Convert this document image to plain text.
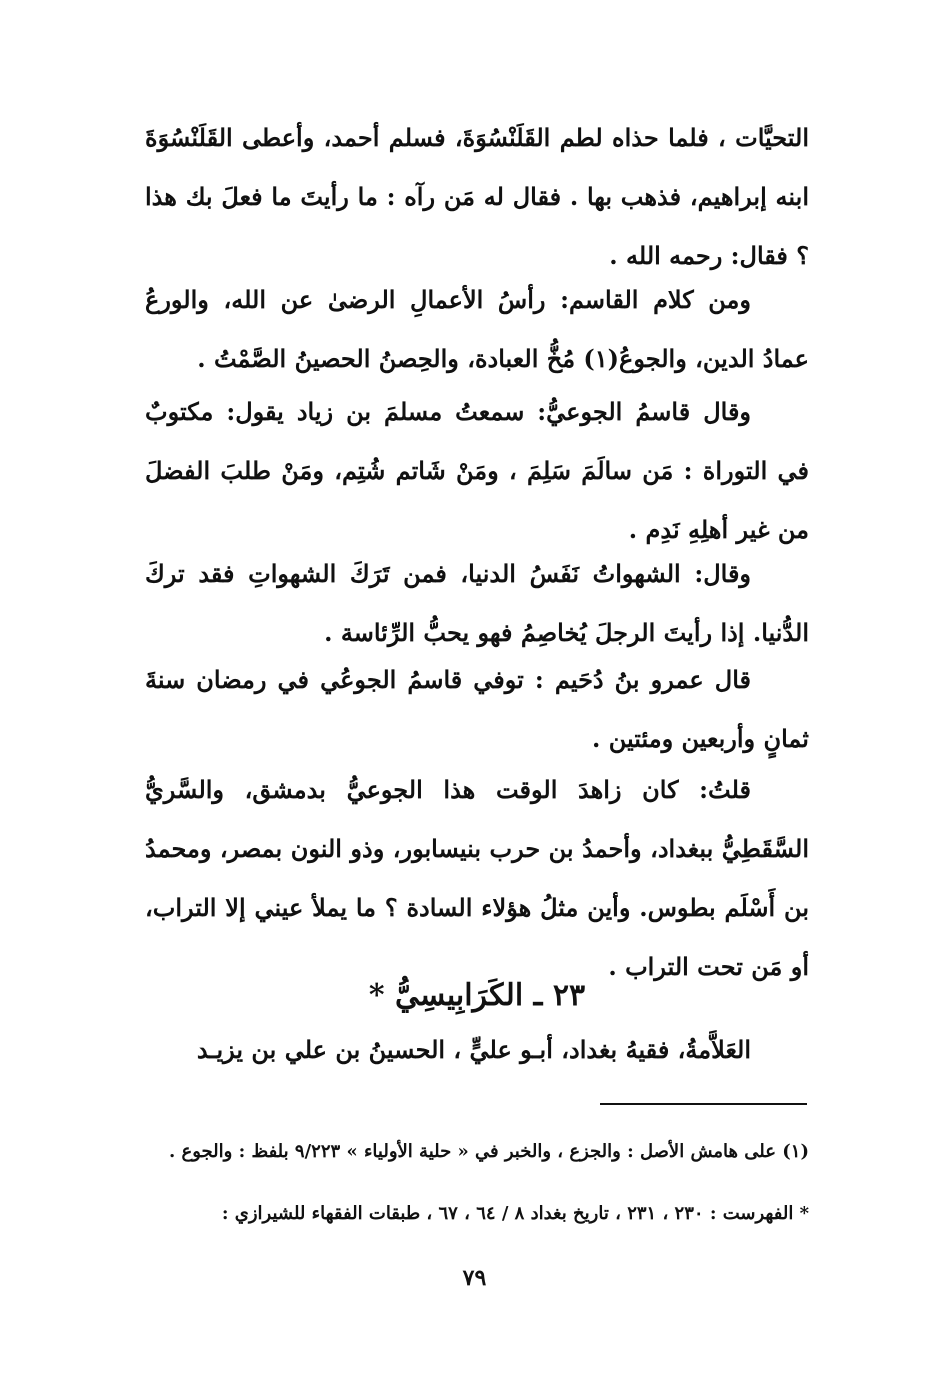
التحيَّات ، فلما حذاه لطم القَلَنْسُوَةَ، فسلم أحمد، وأعطى القَلَنْسُوَةَ ابنه إبراهيم، فذهب بها . فقال له مَن رآه : ما رأيتَ ما فعلَ بك هذا ؟ فقال: رحمه الله .
ومن كلام القاسم: رأسُ الأعمالِ الرضىٰ عن الله، والورعُ عمادُ الدين، والجوعُ(١) مُخُّ العبادة، والحِصنُ الحصينُ الصَّمْتُ .
وقال قاسمُ الجوعيُّ: سمعتُ مسلمَ بن زياد يقول: مكتوبٌ في التوراة : مَن سالَمَ سَلِمَ ، ومَنْ شَاتم شُتِم، ومَنْ طلبَ الفضلَ من غير أهلِهِ نَدِم .
وقال: الشهواتُ نَفَسُ الدنيا، فمن تَرَكَ الشهواتِ فقد تركَ الدُّنيا. إذا رأيتَ الرجلَ يُخاصِمُ فهو يحبُّ الرِّئاسة .
قال عمرو بنُ دُحَيم : توفي قاسمُ الجوعُي في رمضان سنةَ ثمانٍ وأربعين ومئتين .
قلتُ: كان زاهدَ الوقت هذا الجوعيُّ بدمشق، والسَّريُّ السَّقَطِيُّ ببغداد، وأحمدُ بن حرب بنيسابور، وذو النون بمصر، ومحمدُ بن أَسْلَم بطوس. وأين مثلُ هؤلاء السادة ؟ ما يملأ عيني إلا التراب، أو مَن تحت التراب .
٢٣ ـ الكَرَابِيسِيُّ *
العَلاَّمةُ، فقيهُ بغداد، أبـو عليٍّ ، الحسينُ بن علي بن يزيـد
(١) على هامش الأصل : والجزع ، والخبر في « حلية الأولياء » ٩/٢٢٣ بلفظ : والجوع .
* الفهرست : ٢٣٠ ، ٢٣١ ، تاريخ بغداد ٨ / ٦٤ ، ٦٧ ، طبقات الفقهاء للشيرازي :
٧٩
